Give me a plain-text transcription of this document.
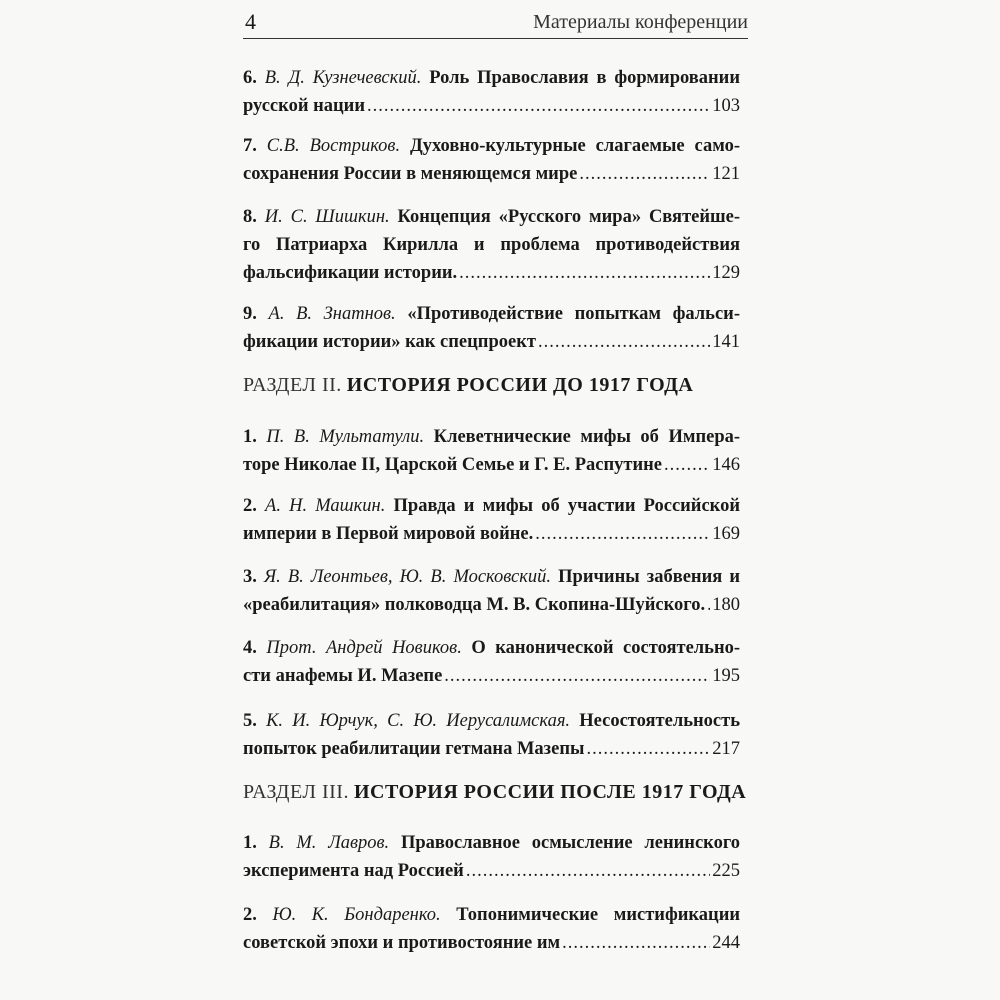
4	Материалы конференции
6. В. Д. Кузнечевский. Роль Православия в формировании
русской нации .....	103
7. С.В. Востриков. Духовно-культурные слагаемые само-
сохранения России в меняющемся мире .....	121
8. И. С. Шишкин. Концепция «Русского мира» Святейше-
го Патриарха Кирилла и проблема противодействия
фальсификации истории. .....	129
9. А. В. Знатнов. «Противодействие попыткам фальси-
фикации истории» как спецпроект .....	141
РАЗДЕЛ II. ИСТОРИЯ РОССИИ ДО 1917 ГОДА
1. П. В. Мультатули. Клеветнические мифы об Импера-
торе Николае II, Царской Семье и Г. Е. Распутине .....	146
2. А. Н. Машкин. Правда и мифы об участии Российской
империи в Первой мировой войне. .....	169
3. Я. В. Леонтьев, Ю. В. Московский. Причины забвения и
«реабилитация» полководца М. В. Скопина-Шуйского. ..... 180
4. Прот. Андрей Новиков. О канонической состоятельно-
сти анафемы И. Мазепе .....	195
5. К. И. Юрчук, С. Ю. Иерусалимская. Несостоятельность
попыток реабилитации гетмана Мазепы .....	217
РАЗДЕЛ III. ИСТОРИЯ РОССИИ ПОСЛЕ 1917 ГОДА
1. В. М. Лавров. Православное осмысление ленинского
эксперимента над Россией .....	225
2. Ю. К. Бондаренко. Топонимические мистификации
советской эпохи и противостояние им .....	244
